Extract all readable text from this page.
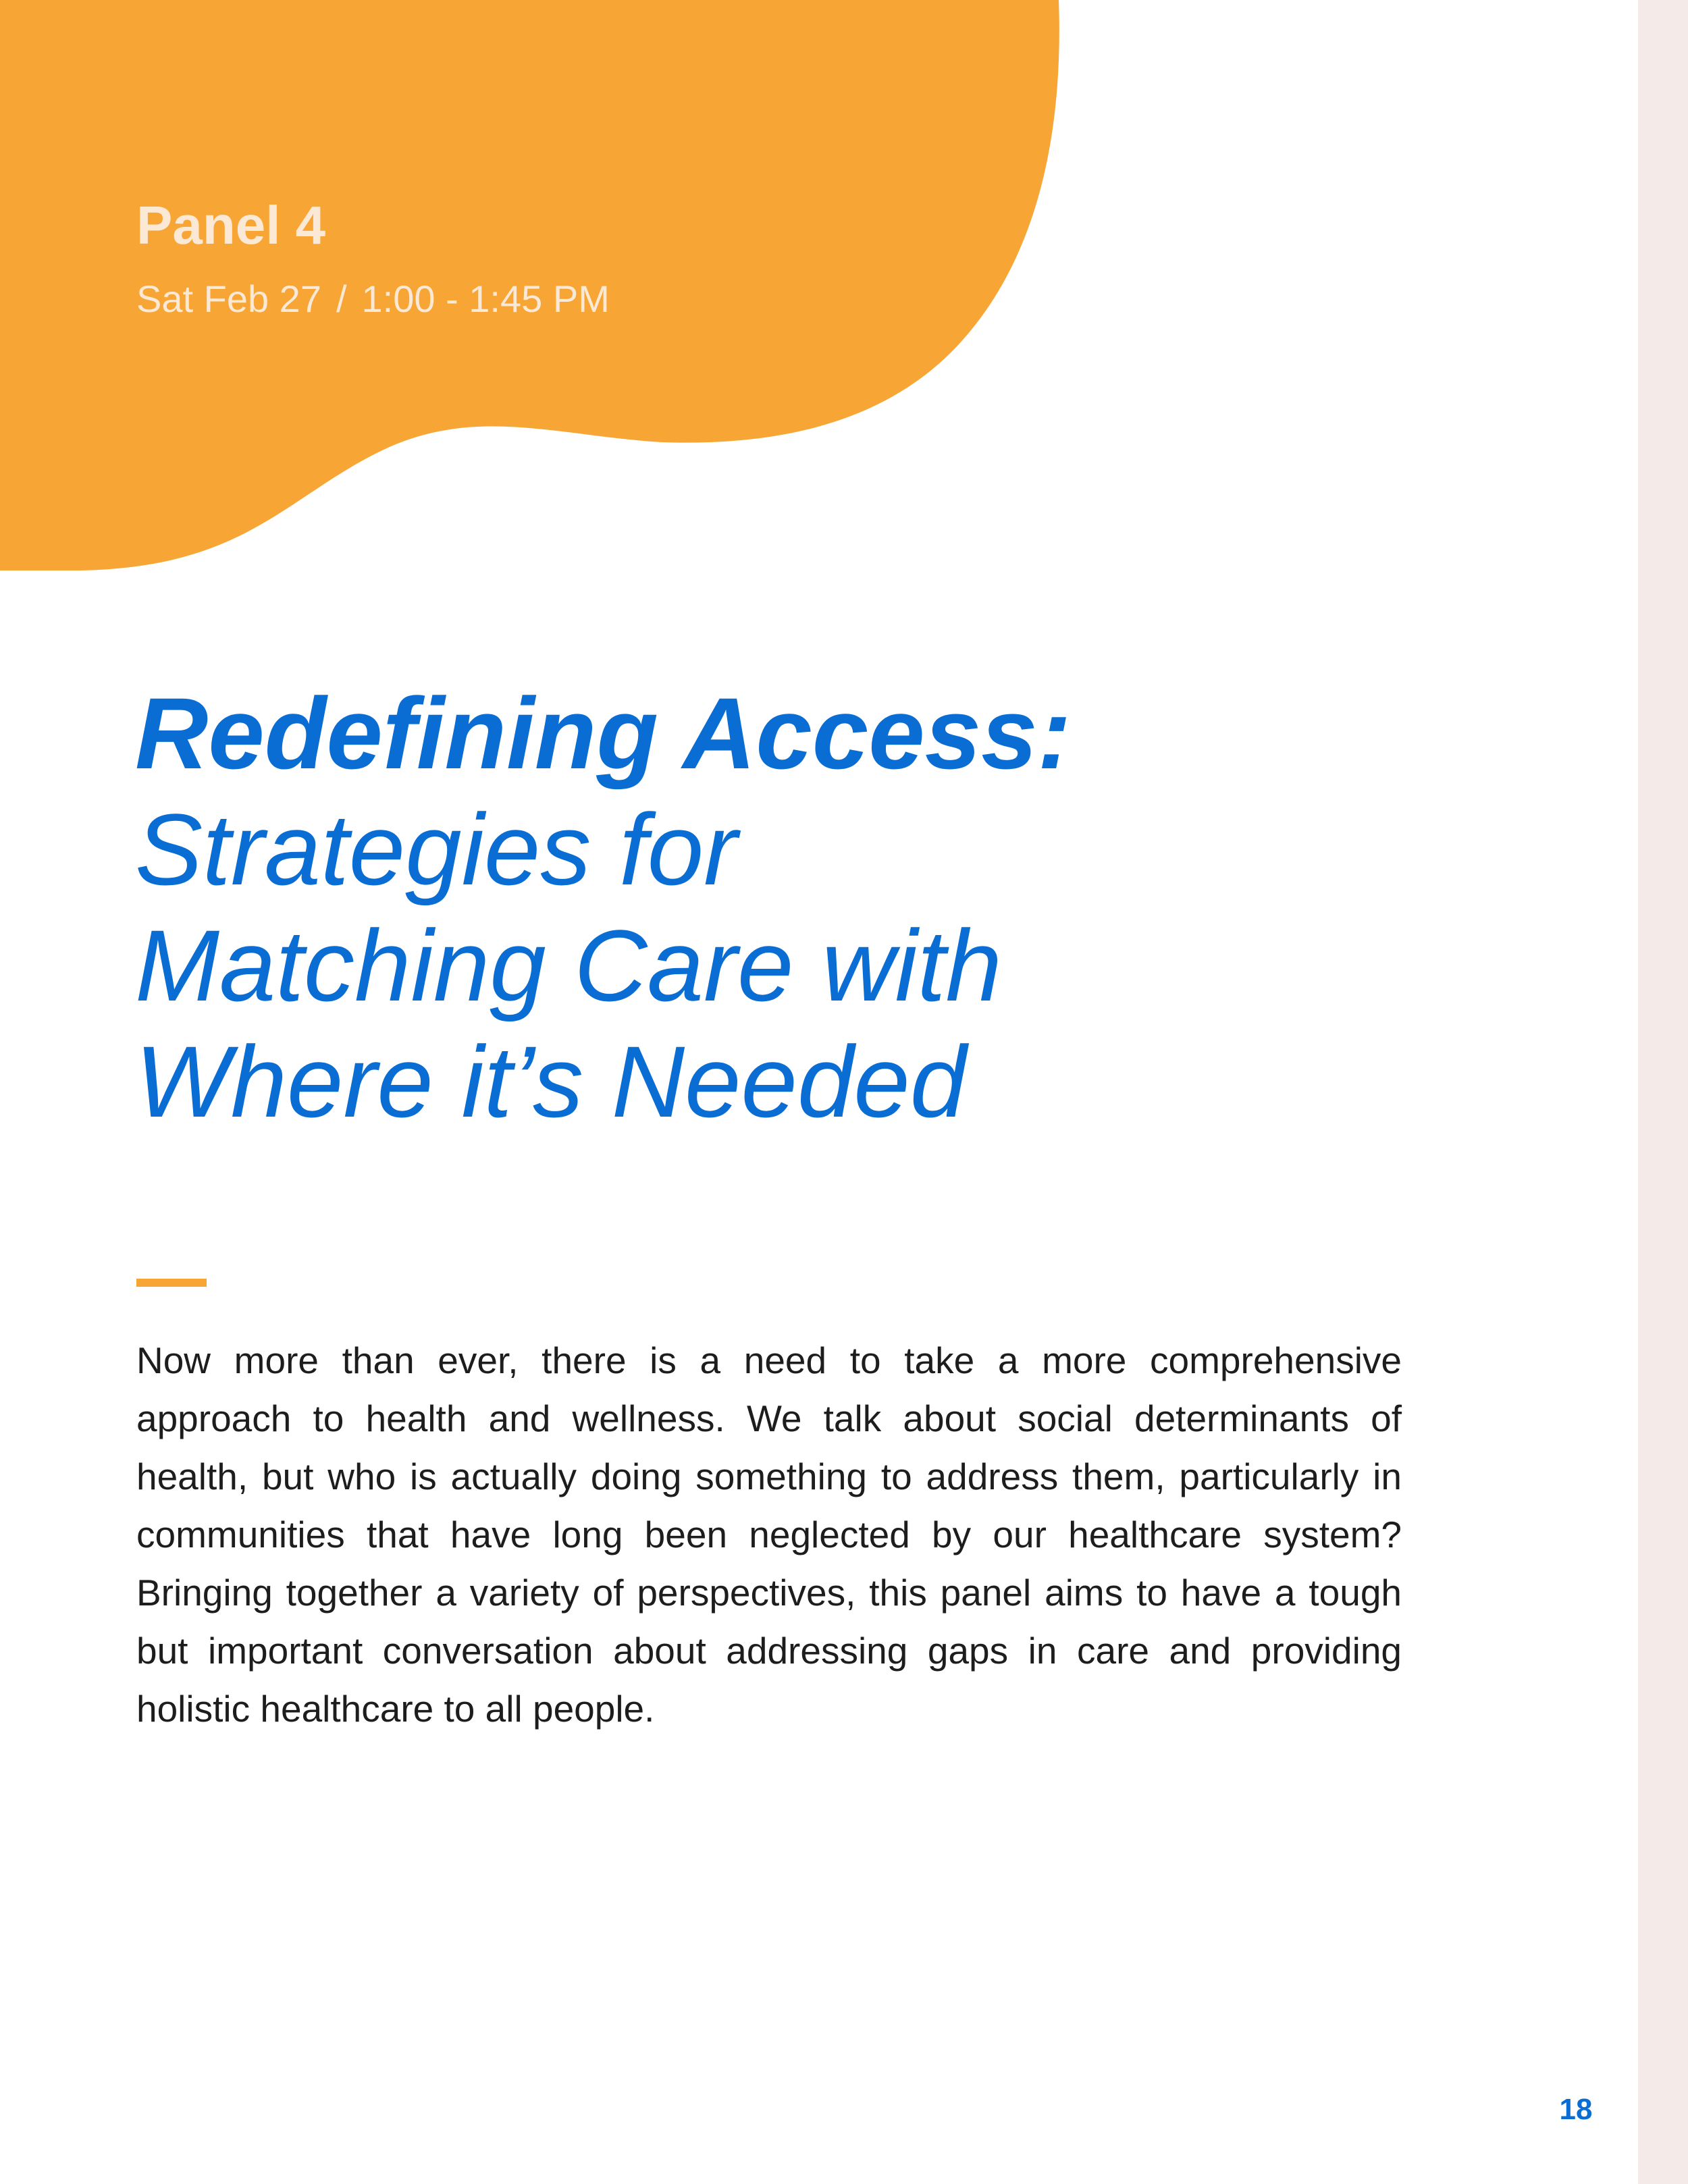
Panel 4
Sat Feb 27 / 1:00 - 1:45 PM
Redefining Access:
Strategies for
Matching Care with
Where it’s Needed

Now more than ever, there is a need to take a more comprehensive approach to health and wellness. We talk about social determinants of health, but who is actually doing something to address them, particularly in communities that have long been neglected by our healthcare system? Bringing together a variety of perspectives, this panel aims to have a tough but important conversation about addressing gaps in care and providing holistic healthcare to all people.

18
